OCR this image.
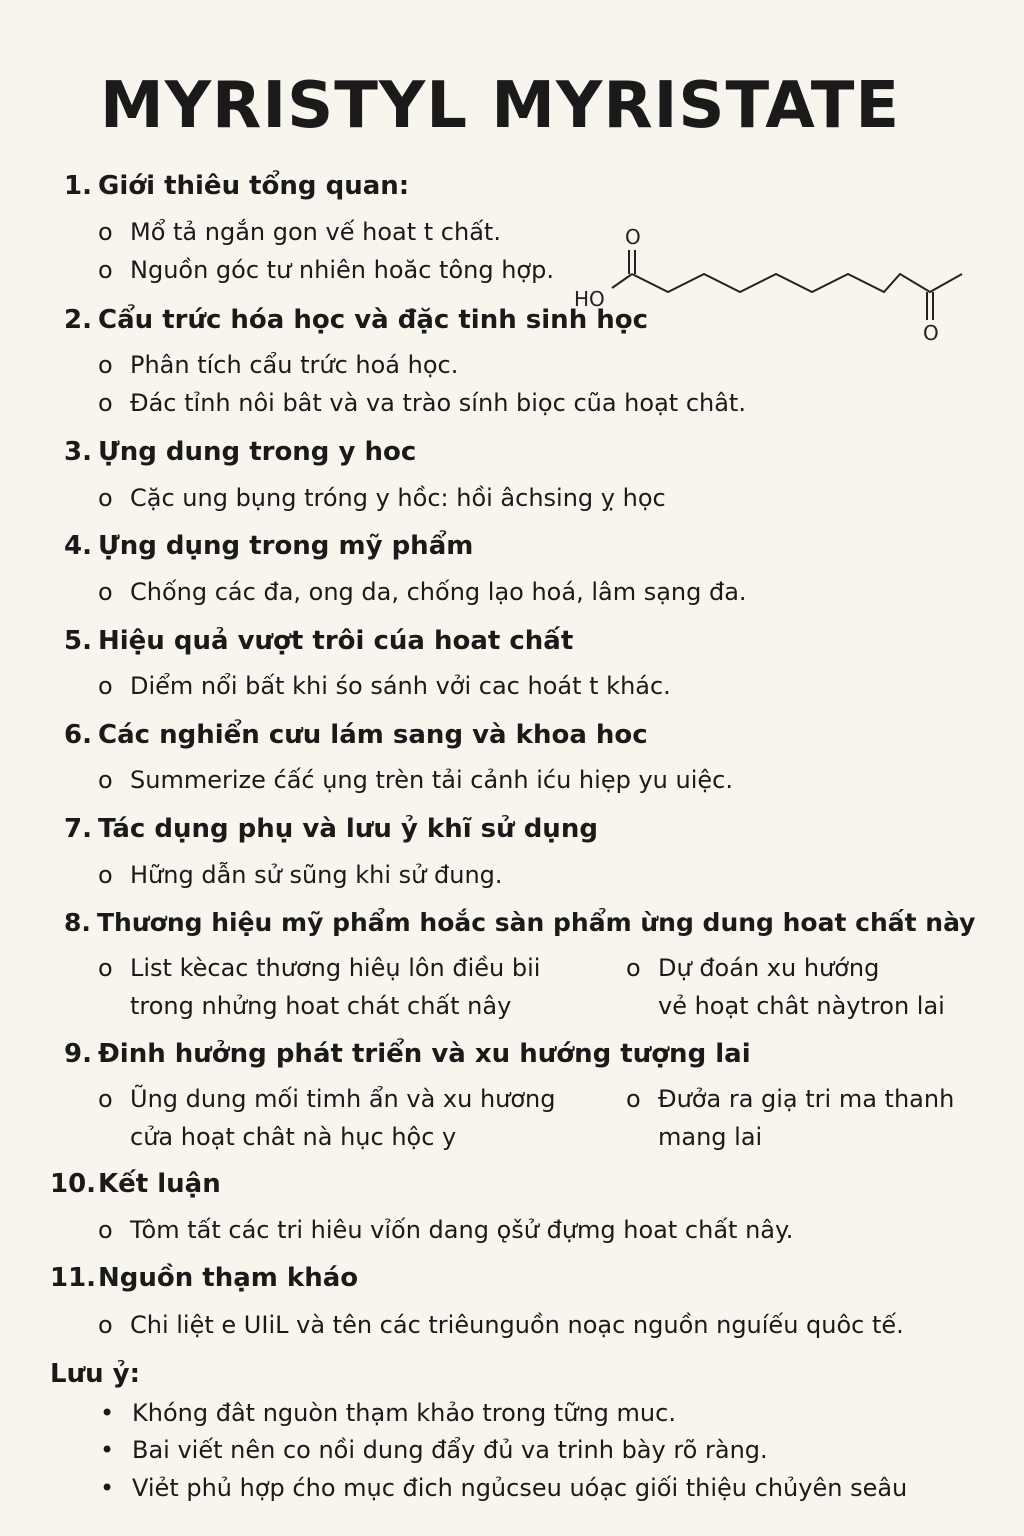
MYRISTYL MYRISTATE
O
HO
O
1. Giới thiêu tổng quan:
o Mổ tả ngắn gon vế hoat t chất.
o Nguồn góc tư nhiên hoăc tông hợp.
2. Cẩu trức hóa học và đặc tinh sinh học
o Phân tích cẩu trức hoá học.
o Đác tỉnh nôi bât và va trào sính biọc cũa hoạt chât.
3. Ựng dung trong y hoc
o Cặc ung bụng tróng y hồc: hồi âchsing ỵ học
4. Ựng dụng trong mỹ phẩm
o Chống các đa, ong da, chống lạo hoá, lâm sạng đa.
5. Hiệu quả vượt trôi cúa hoat chất
o Diểm nổi bất khi śo sánh vởi cac hoát t khác.
6. Các nghiển cưu lám sang và khoa hoc
o Summerize ćấć ụng trèn tải cảnh iću hiẹp yu uiệc.
7. Tác dụng phụ và lưu ỷ khĩ sử dụng
o Hững dẫn sử sũng khi sử đung.
8. Thương hiệu mỹ phẩm hoắc sàn phẩm ừng dung hoat chất này
o List kècac thương hiêụ lôn điều bii
trong nhửng hoat chát chất nây
o Dự đoán xu hướng
vẻ hoạt chât nàytron lai
9. Đinh hưởng phát triển và xu hướng tượng lai
o Ũng dung mối timh ẩn và xu hương
cửa hoạt chât nà hục hộc y
o Đưởa ra giạ tri ma thanh
mang lai
10. Kết luận
o Tôm tất các tri hiêu vỉốn dang ǫšử đựmg hoat chất nây.
11. Nguồn thạm kháo
o Chi liệt e UIiL và tên các triêunguồn noạc nguồn nguíếu quôc tế.
Lưu ỷ:
• Khóng đât nguòn thạm khảo trong tững muc.
• Bai viết nên co nồi dung đẩy đủ va trinh bày rõ ràng.
• Viẻt phủ hợp ćho mục đich ngủcseu uóạc giối thiệu chủyên seâu
